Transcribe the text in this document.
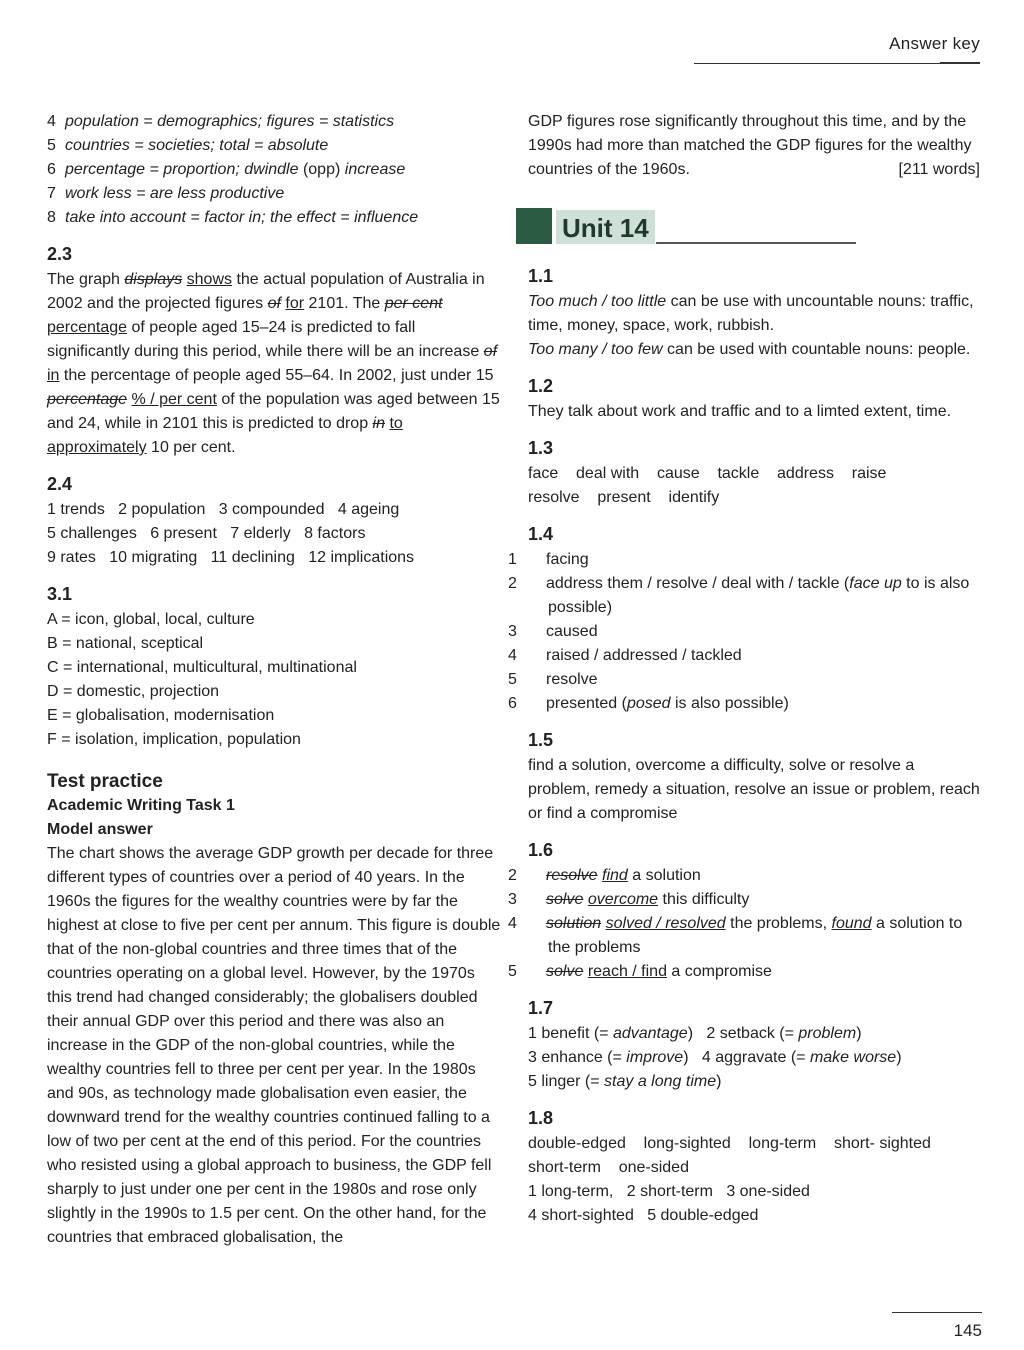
Answer key

4 population = demographics; figures = statistics

5 countries = societies; total = absolute

6 percentage = proportion; dwindle (opp) increase

7 work less = are less productive

8 take into account = factor in; the effect = influence

2.3

The graph displays shows the actual population of Australia in 2002 and the projected figures of for 2101. The per cent percentage of people aged 15–24 is predicted to fall significantly during this period, while there will be an increase of in the percentage of people aged 55–64. In 2002, just under 15 percentage % / per cent of the population was aged between 15 and 24, while in 2101 this is predicted to drop in to approximately 10 per cent.

2.4

1 trends 2 population 3 compounded 4 ageing

5 challenges 6 present 7 elderly 8 factors

9 rates 10 migrating 11 declining 12 implications

3.1

A = icon, global, local, culture

B = national, sceptical

C = international, multicultural, multinational

D = domestic, projection

E = globalisation, modernisation

F = isolation, implication, population

Test practice
Academic Writing Task 1
Model answer

The chart shows the average GDP growth per decade for three different types of countries over a period of 40 years. In the 1960s the figures for the wealthy countries were by far the highest at close to five per cent per annum. This figure is double that of the non-global countries and three times that of the countries operating on a global level. However, by the 1970s this trend had changed considerably; the globalisers doubled their annual GDP over this period and there was also an increase in the GDP of the non-global countries, while the wealthy countries fell to three per cent per year. In the 1980s and 90s, as technology made globalisation even easier, the downward trend for the wealthy countries continued falling to a low of two per cent at the end of this period. For the countries who resisted using a global approach to business, the GDP fell sharply to just under one per cent in the 1980s and rose only slightly in the 1990s to 1.5 per cent. On the other hand, for the countries that embraced globalisation, the

GDP figures rose significantly throughout this time, and by the 1990s had more than matched the GDP figures for the wealthy countries of the 1960s.	[211 words]

Unit 14
1.1

Too much / too little can be use with uncountable nouns: traffic, time, money, space, work, rubbish.

Too many / too few can be used with countable nouns: people.

1.2

They talk about work and traffic and to a limted extent, time.

1.3

face deal with cause tackle address raise

resolve present identify

1.4

1 facing

2 address them / resolve / deal with / tackle (face up to is also possible)

3 caused

4 raised / addressed / tackled

5 resolve

6 presented (posed is also possible)

1.5

find a solution, overcome a difficulty, solve or resolve a problem, remedy a situation, resolve an issue or problem, reach or find a compromise

1.6

2 resolve find a solution

3 solve overcome this difficulty

4 solution solved / resolved the problems, found a solution to the problems

5 solve reach / find a compromise

1.7

1 benefit (= advantage) 2 setback (= problem)

3 enhance (= improve) 4 aggravate (= make worse)

5 linger (= stay a long time)

1.8

double-edged long-sighted long-term short- sighted

short-term one-sided

1 long-term, 2 short-term 3 one-sided

4 short-sighted 5 double-edged

145
